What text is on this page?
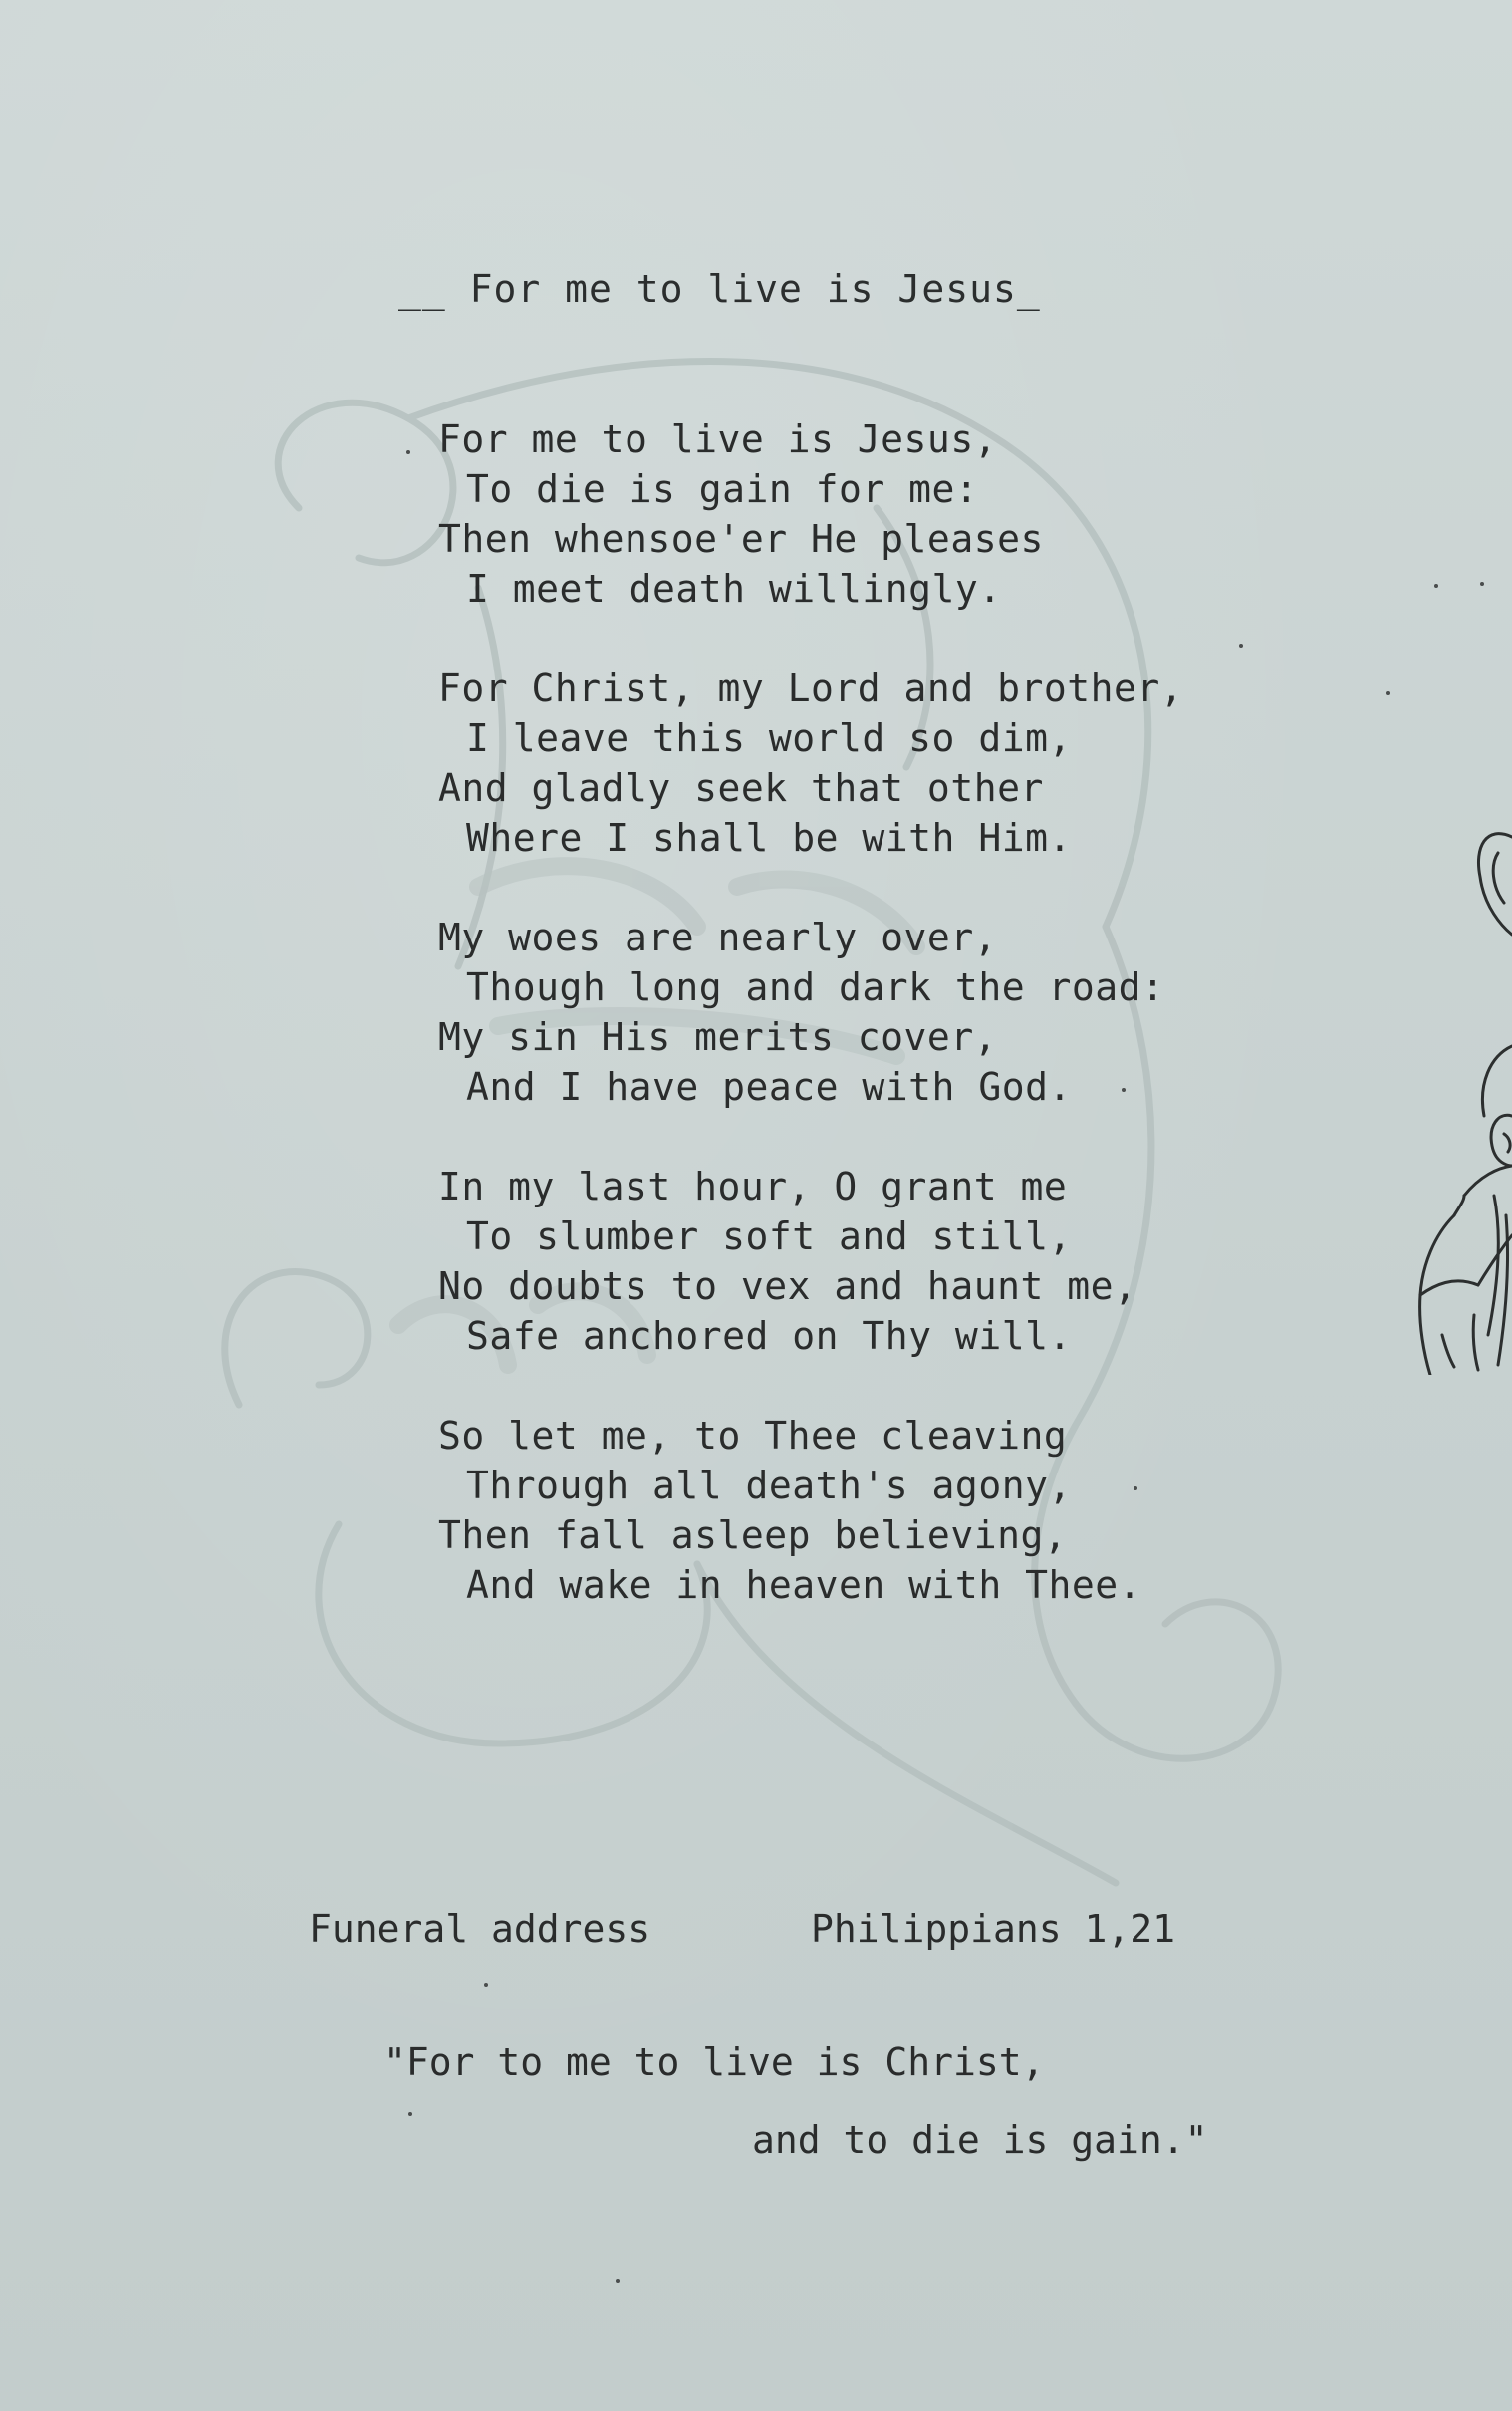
__ For me to live is Jesus_
For me to live is Jesus,
To die is gain for me:
Then whensoe'er He pleases
I meet death willingly.
For Christ, my Lord and brother,
I leave this world so dim,
And gladly seek that other
Where I shall be with Him.
My woes are nearly over,
Though long and dark the road:
My sin His merits cover,
And I have peace with God.
In my last hour, O grant me
To slumber soft and still,
No doubts to vex and haunt me,
Safe anchored on Thy will.
So let me, to Thee cleaving
Through all death's agony,
Then fall asleep believing,
And wake in heaven with Thee.
Funeral address	Philippians 1,21
"For to me to live is Christ,
and to die is gain."
